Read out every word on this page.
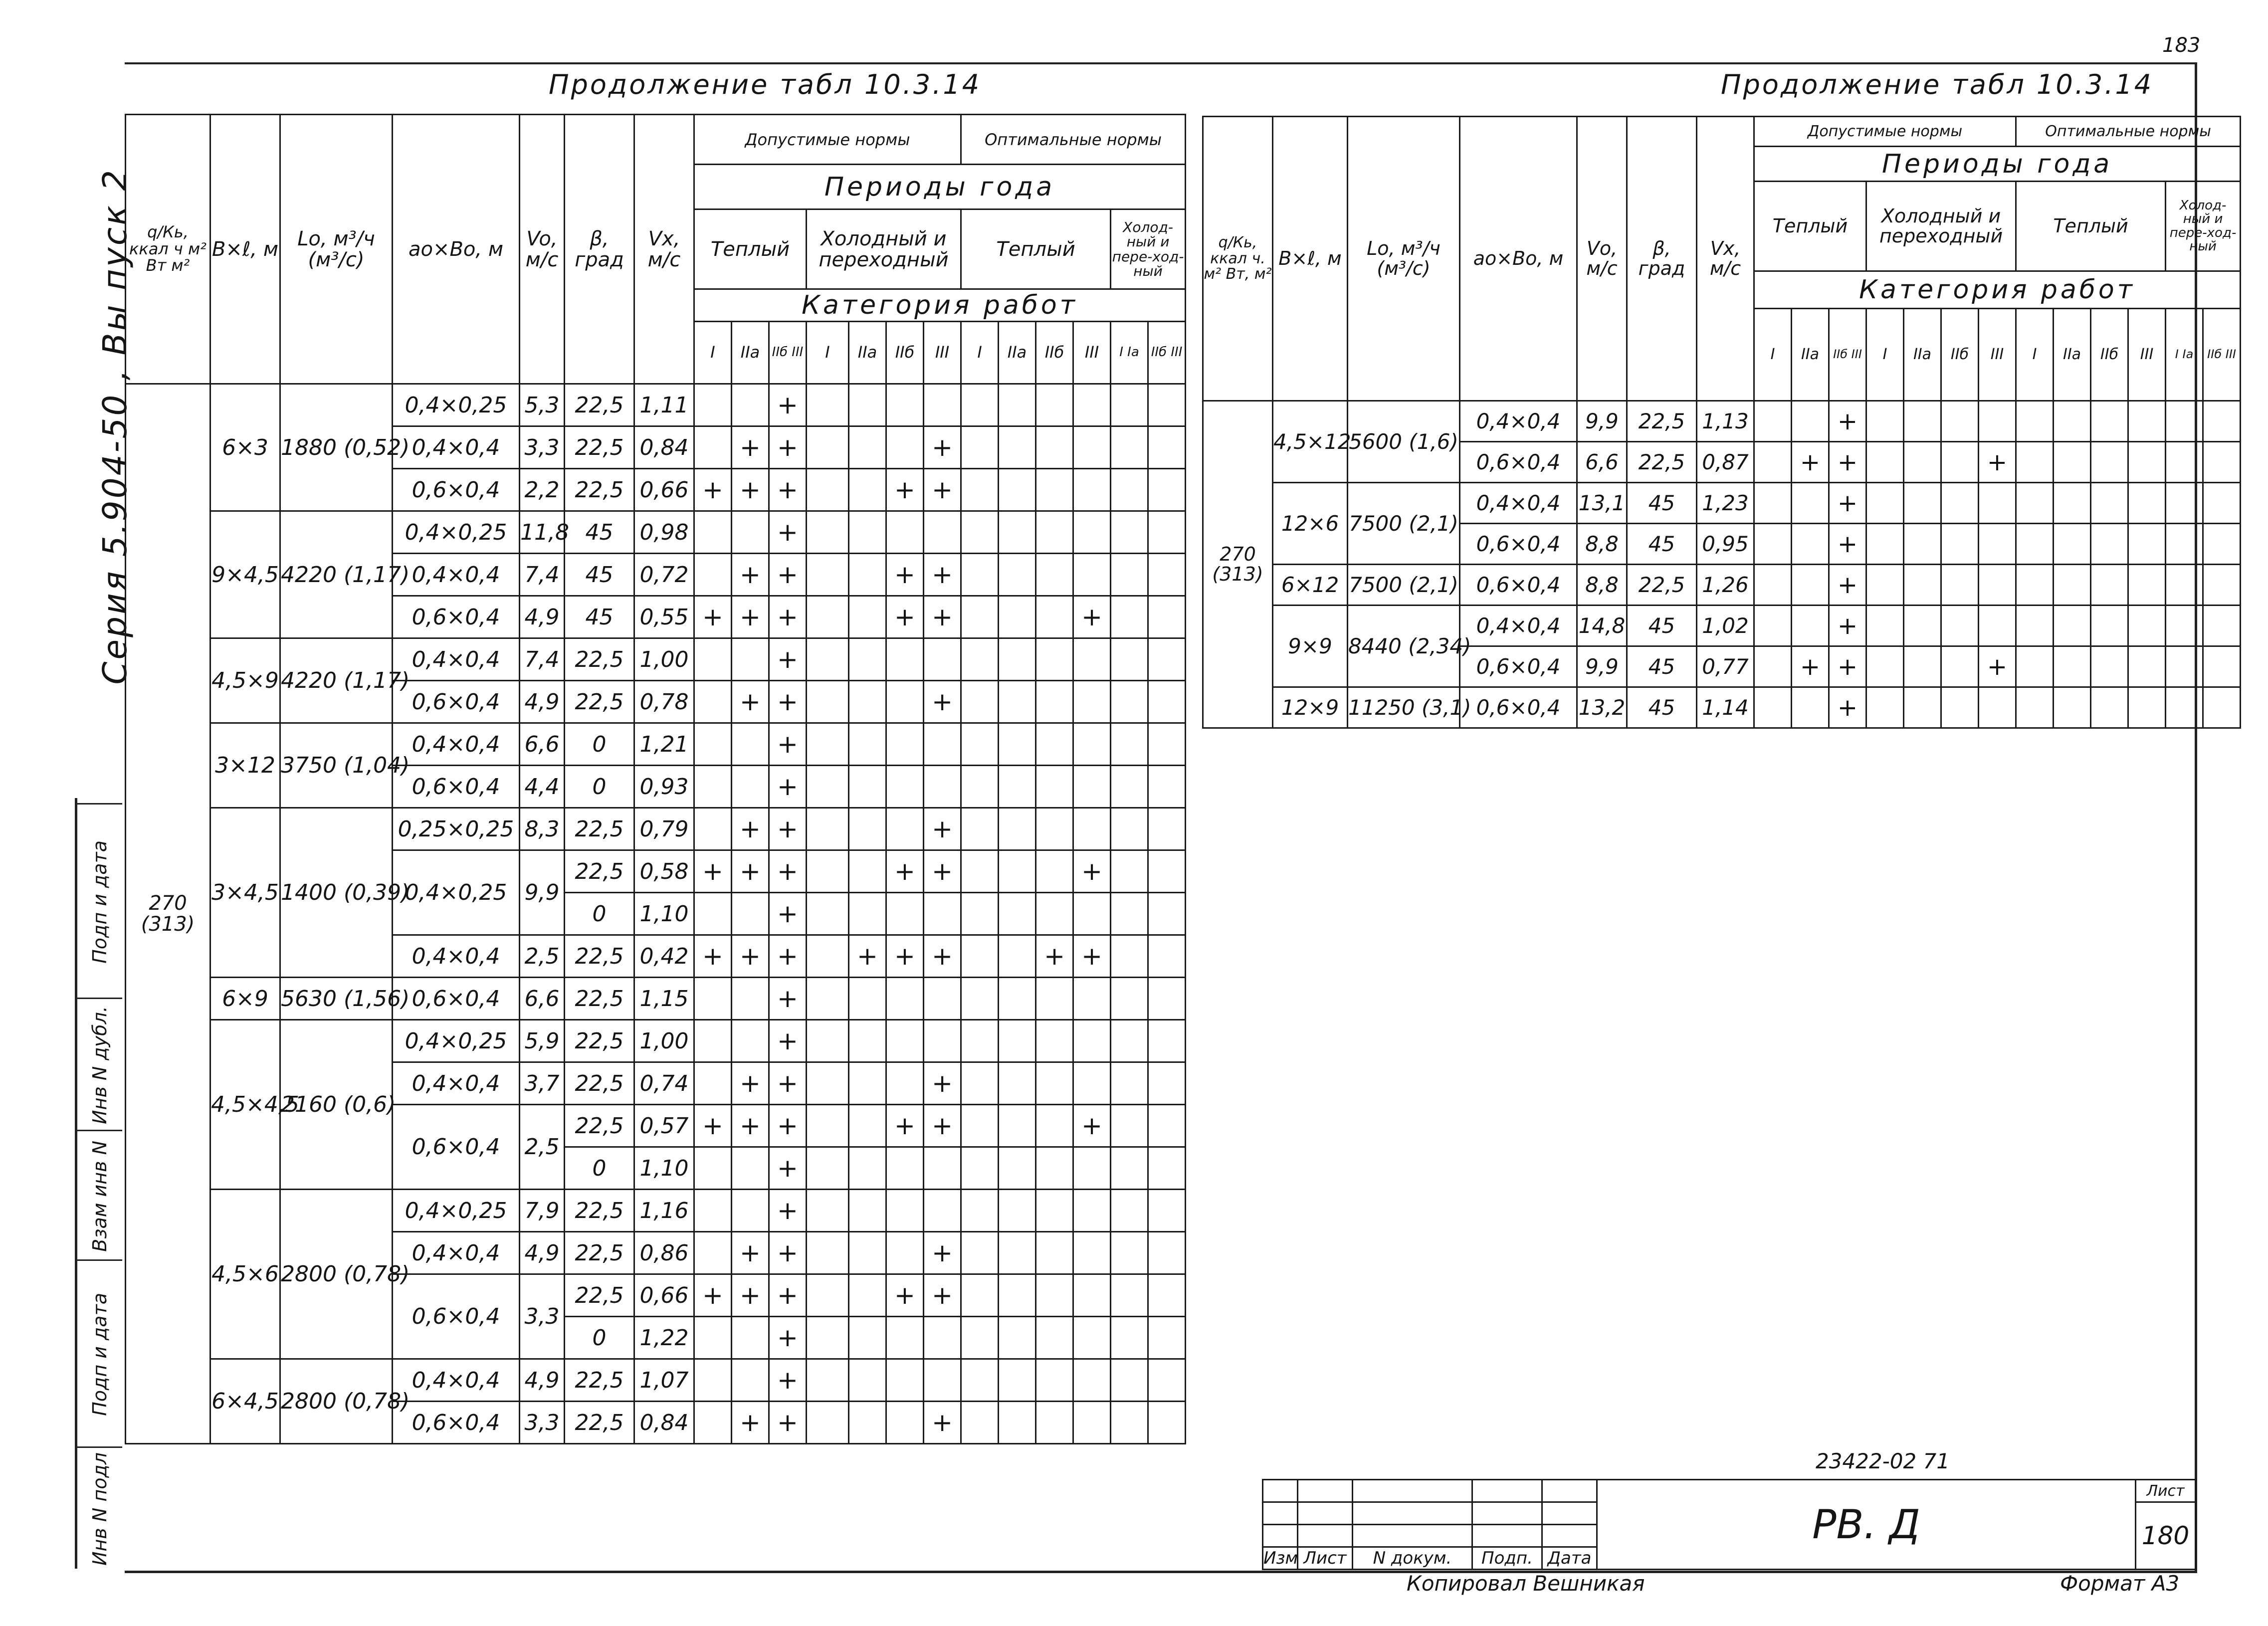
183
Серия 5.904-50 , Вы пуск 2
Подп и дата
Инв N дубл.
Взам инв N
Подп и дата
Инв N подл
Продолжение табл 10.3.14	Продолжение табл 10.3.14
q/Кь, ккал ч м² Вт м²	В×ℓ, м	Lo, м³/ч (м³/с)	aо×Во, м	Vo, м/с	β, град	Vх, м/с	Допустимые нормы							Оптимальные нормы					
							Периоды года												
							Теплый			Холодный и переходный				Теплый				Холод-ный и пере-ход-ный	
							Категория работ												
							I	IIа	IIб III	I	IIа	IIб	III	I	IIа	IIб	III	I Iа	IIб III
270 (313)	6×3	1880 (0,52)	0,4×0,25	5,3	22,5	1,11			+										
			0,4×0,4	3,3	22,5	0,84		+	+				+						
			0,6×0,4	2,2	22,5	0,66	+	+	+			+	+						
	9×4,5	4220 (1,17)	0,4×0,25	11,8	45	0,98			+										
			0,4×0,4	7,4	45	0,72		+	+			+	+						
			0,6×0,4	4,9	45	0,55	+	+	+			+	+				+		
	4,5×9	4220 (1,17)	0,4×0,4	7,4	22,5	1,00			+										
			0,6×0,4	4,9	22,5	0,78		+	+				+						
	3×12	3750 (1,04)	0,4×0,4	6,6	0	1,21			+										
			0,6×0,4	4,4	0	0,93			+										
	3×4,5	1400 (0,39)	0,25×0,25	8,3	22,5	0,79		+	+				+						
			0,4×0,25	9,9	22,5	0,58	+	+	+			+	+				+		
					0	1,10			+										
			0,4×0,4	2,5	22,5	0,42	+	+	+		+	+	+			+	+		
	6×9	5630 (1,56)	0,6×0,4	6,6	22,5	1,15			+										
	4,5×4,5	2160 (0,6)	0,4×0,25	5,9	22,5	1,00			+										
			0,4×0,4	3,7	22,5	0,74		+	+				+						
			0,6×0,4	2,5	22,5	0,57	+	+	+			+	+				+		
					0	1,10			+										
	4,5×6	2800 (0,78)	0,4×0,25	7,9	22,5	1,16			+										
			0,4×0,4	4,9	22,5	0,86		+	+				+						
			0,6×0,4	3,3	22,5	0,66	+	+	+			+	+						
					0	1,22			+										
	6×4,5	2800 (0,78)	0,4×0,4	4,9	22,5	1,07			+										
			0,6×0,4	3,3	22,5	0,84		+	+				+						
q/Кь, ккал ч. м² Вт, м²	В×ℓ, м	Lo, м³/ч (м³/с)	aо×Во, м	Vо, м/с	β, град	Vх, м/с	Допустимые нормы							Оптимальные нормы					
							Периоды года												
							Теплый			Холодный и переходный				Теплый				Холод-ный и пере-ход-ный	
							Категория работ												
							I	IIа	IIб III	I	IIа	IIб	III	I	IIа	IIб	III	I Iа	IIб III
270 (313)	4,5×12	5600 (1,6)	0,4×0,4	9,9	22,5	1,13			+										
			0,6×0,4	6,6	22,5	0,87		+	+				+						
	12×6	7500 (2,1)	0,4×0,4	13,1	45	1,23			+										
			0,6×0,4	8,8	45	0,95			+										
	6×12	7500 (2,1)	0,6×0,4	8,8	22,5	1,26			+										
	9×9	8440 (2,34)	0,4×0,4	14,8	45	1,02			+										
			0,6×0,4	9,9	45	0,77		+	+				+						
	12×9	11250 (3,1)	0,6×0,4	13,2	45	1,14			+										
23422-02 71
					РВ. Д	Лист
						180

Изм	Лист	N докум.	Подп.	Дата		
Копировал Вешникая	Формат А3
